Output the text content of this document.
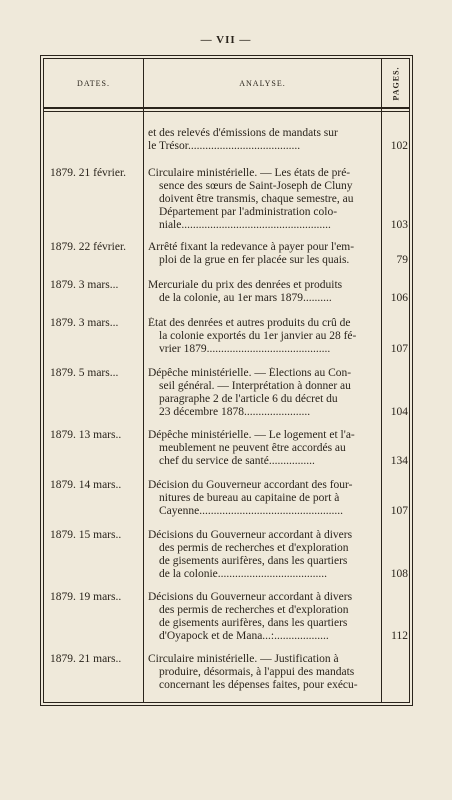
— VII —
DATES.	ANALYSE.	PAGES.
et des relevés d'émissions de mandats sur
le Trésor.......................................	102
1879. 21 février. Circulaire ministérielle. — Les états de pré-
sence des sœurs de Saint-Joseph de Cluny
doivent être transmis, chaque semestre, au
Département par l'administration colo-
niale....................................................	103
1879. 22 février. Arrêté fixant la redevance à payer pour l'em-
ploi de la grue en fer placée sur les quais.	79
1879. 3 mars...	Mercuriale du prix des denrées et produits
de la colonie, au 1er mars 1879..........	106
1879. 3 mars...	État des denrées et autres produits du crû de
la colonie exportés du 1er janvier au 28 fé-
vrier 1879...........................................	107
1879. 5 mars...	Dépêche ministérielle. — Élections au Con-
seil général. — Interprétation à donner au
paragraphe 2 de l'article 6 du décret du
23 décembre 1878.......................	104
1879. 13 mars.. Dépêche ministérielle. — Le logement et l'a-
meublement ne peuvent être accordés au
chef du service de santé................	134
1879. 14 mars.. Décision du Gouverneur accordant des four-
nitures de bureau au capitaine de port à
Cayenne..................................................	107
1879. 15 mars.. Décisions du Gouverneur accordant à divers
des permis de recherches et d'exploration
de gisements aurifères, dans les quartiers
de la colonie......................................	108
1879. 19 mars.. Décisions du Gouverneur accordant à divers
des permis de recherches et d'exploration
de gisements aurifères, dans les quartiers
d'Oyapock et de Mana...:...................	112
1879. 21 mars.. Circulaire ministérielle. — Justification à
produire, désormais, à l'appui des mandats
concernant les dépenses faites, pour exécu-
